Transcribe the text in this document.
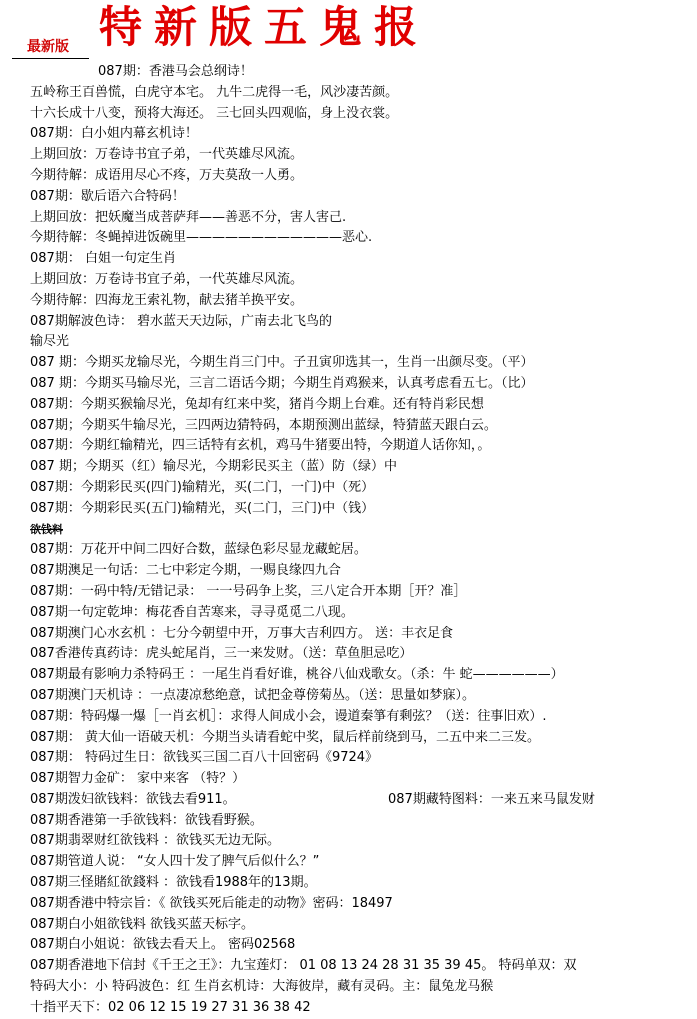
最新版 特新版五鬼报
087期：香港马会总纲诗！
五岭称王百兽慌，白虎守本宅。 九牛二虎得一毛，风沙凄苦颜。
十六长成十八变，预将大海还。 三七回头四观临，身上没衣裳。
087期：白小姐内幕玄机诗！
上期回放：万卷诗书宜子弟，一代英雄尽风流。
今期待解：成语用尽心不疼，万夫莫敌一人勇。
087期：歇后语六合特码！
上期回放：把妖魔当成菩萨拜——善恶不分，害人害己.
今期待解：冬蝇掉进饭碗里————————————恶心.
087期： 白姐一句定生肖
上期回放：万卷诗书宜子弟，一代英雄尽风流。
今期待解：四海龙王索礼物，献去猪羊换平安。
087期解波色诗： 碧水蓝天天边际，广南去北飞鸟的
输尽光
087 期：今期买龙输尽光，今期生肖三门中。子丑寅卯选其一，生肖一出颜尽变。（平）
087 期：今期买马输尽光，三言二语话今期；今期生肖鸡猴来，认真考虑看五七。（比）
087期：今期买猴输尽光，兔却有红来中奖，猪肖今期上台难。还有特肖彩民想
087期；今期买牛输尽光，三四两边猜特码，本期预测出蓝绿，特猜蓝天跟白云。
087期：今期红输精光，四三话特有玄机，鸡马牛猪要出特，今期道人话你知，。
087 期；今期买（红）输尽光，今期彩民买主（蓝）防（绿）中
087期：今期彩民买(四门)输精光，买(二门，一门)中（死）
087期：今期彩民买(五门)输精光，买(二门，三门)中（钱）
欲钱料
087期：万花开中间二四好合数，蓝绿色彩尽显龙藏蛇居。
087期澳足一句话：二七中彩定今期，一赐良缘四九合
087期：一码中特/无错记录： 一一号码争上奖，三八定合开本期［开？准］
087期一句定乾坤：梅花香自苦寒来，寻寻觅觅二八现。
087期澳门心水玄机 ：七分今朝望中开，万事大吉利四方。 送：丰衣足食
087香港传真药诗：虎头蛇尾肖，三一来发财。（送：草鱼胆忌吃）
087期最有影响力杀特码王 ：一尾生肖看好谁，桃谷八仙戏歌女。（杀：牛 蛇——————）
087期澳门天机诗 ：一点凄凉愁绝意，试把金尊傍菊丛。（送：思量如梦寐）。
087期：特码爆一爆［一肖玄机］：求得人间成小会，谩道秦箏有剩弦？（送：往事旧欢）.
087期： 黄大仙一语破天机：今期当头请看蛇中奖，鼠后样前绕到马，二五中来二三发。
087期： 特码过生日：欲钱买三国二百八十回密码《9724》
087期智力金矿： 家中来客 （特？）
087期泼妇欲钱料：欲钱去看911。	087期藏特图料：一来五来马鼠发财
087期香港第一手欲钱料：欲钱看野猴。
087期翡翠财红欲钱料 ：欲钱买无边无际。
087期管道人说： “女人四十发了脾气后似什么？”
087期三怪賭紅欲錢料 ：欲钱看1988年的13期。
087期香港中特宗旨：《 欲钱买死后能走的动物》密码：18497
087期白小姐欲钱料 欲钱买蓝天标字。
087期白小姐说：欲钱去看天上。 密码02568
087期香港地下信封《千王之王》：九宝莲灯： 01 08 13 24 28 31 35 39 45。 特码单双：双
特码大小：小 特码波色：红 生肖玄机诗：大海彼岸，藏有灵码。主：鼠兔龙马猴
十指平天下：02 06 12 15 19 27 31 36 38 42
